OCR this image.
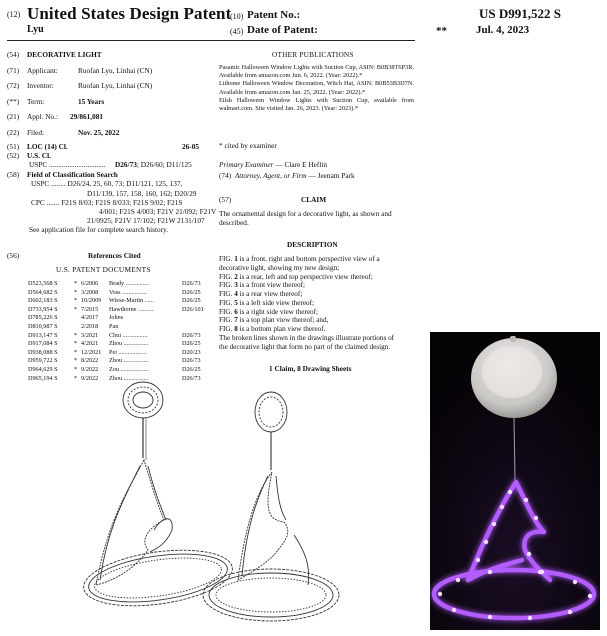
(12) United States Design Patent
Lyu
(10) Patent No.:	US D991,522 S
(45) Date of Patent:	**	Jul. 4, 2023
(54)	DECORATIVE LIGHT
(71)	Applicant:	Ruofan Lyu, Linhai (CN)
(72)	Inventor:	Ruofan Lyu, Linhai (CN)
(**)	Term:	15 Years
(21)	Appl. No.: 29/861,081
(22)	Filed:	Nov. 25, 2022
(51)	LOC (14) Cl.	26-05
(52)	U.S. Cl.
USPC ............................... D26/73; D26/60; D11/125
(58)	Field of Classification Search
USPC ........ D26/24, 25, 60, 73; D11/121, 125, 137,
D11/139, 157, 158, 160, 162; D20/29
CPC ....... F21S 8/03; F21S 8/033; F21S 9/02; F21S
4/001; F21S 4/003; F21V 21/092; F21V
21/0925; F21V 17/102; F21W 2131/107
See application file for complete search history.
(56)	References Cited
U.S. PATENT DOCUMENTS
D523,568 S	* 6/2006 Brady ...............	D26/73
D564,682 S	* 3/2008 Voss ................	D26/25
D602,183 S	* 10/2009 Wiese-Martin ......	D26/25
D733,954 S	* 7/2015 Hawthorne ..........	D26/101
D785,226 S	4/2017 Johns
D810,987 S	2/2018 Pan
D913,147 S	* 3/2021 Chui ................	D26/73
D917,084 S	* 4/2021 Zhou ................	D26/25
D938,088 S	* 12/2021 Pei ..................	D20/23
D959,722 S	* 8/2022 Zhou ................	D26/73
D964,629 S	* 9/2022 Zou ..................	D26/25
D965,194 S	* 9/2022 Zhou ................	D26/73
OTHER PUBLICATIONS
Pasamic Halloween Window Lights with Suction Cup, ASIN: B0B38T6P3R. Available from amazon.com Jun. 6, 2022. (Year: 2022).*
Lithome Halloween Window Decoration, Witch Hat, ASIN: B0B53B3D7N. Available from amazon.com Jan. 25, 2022. (Year: 2022).*
Eilsh Halloween Window Lights with Suction Cup, available from walmart.com. Site visited Jan. 26, 2023. (Year: 2023).*
* cited by examiner
Primary Examiner — Clare E Heflin
(74) Attorney, Agent, or Firm — Jeenam Park
(57)	CLAIM
The ornamental design for a decorative light, as shown and described.
DESCRIPTION
FIG. 1 is a front, right and bottom perspective view of a
decorative light, showing my new design;
FIG. 2 is a rear, left and top perspective view thereof;
FIG. 3 is a front view thereof;
FIG. 4 is a rear view thereof;
FIG. 5 is a left side view thereof;
FIG. 6 is a right side view thereof;
FIG. 7 is a top plan view thereof; and,
FIG. 8 is a bottom plan view thereof.
The broken lines shown in the drawings illustrate portions of
the decorative light that form no part of the claimed design.
1 Claim, 8 Drawing Sheets
